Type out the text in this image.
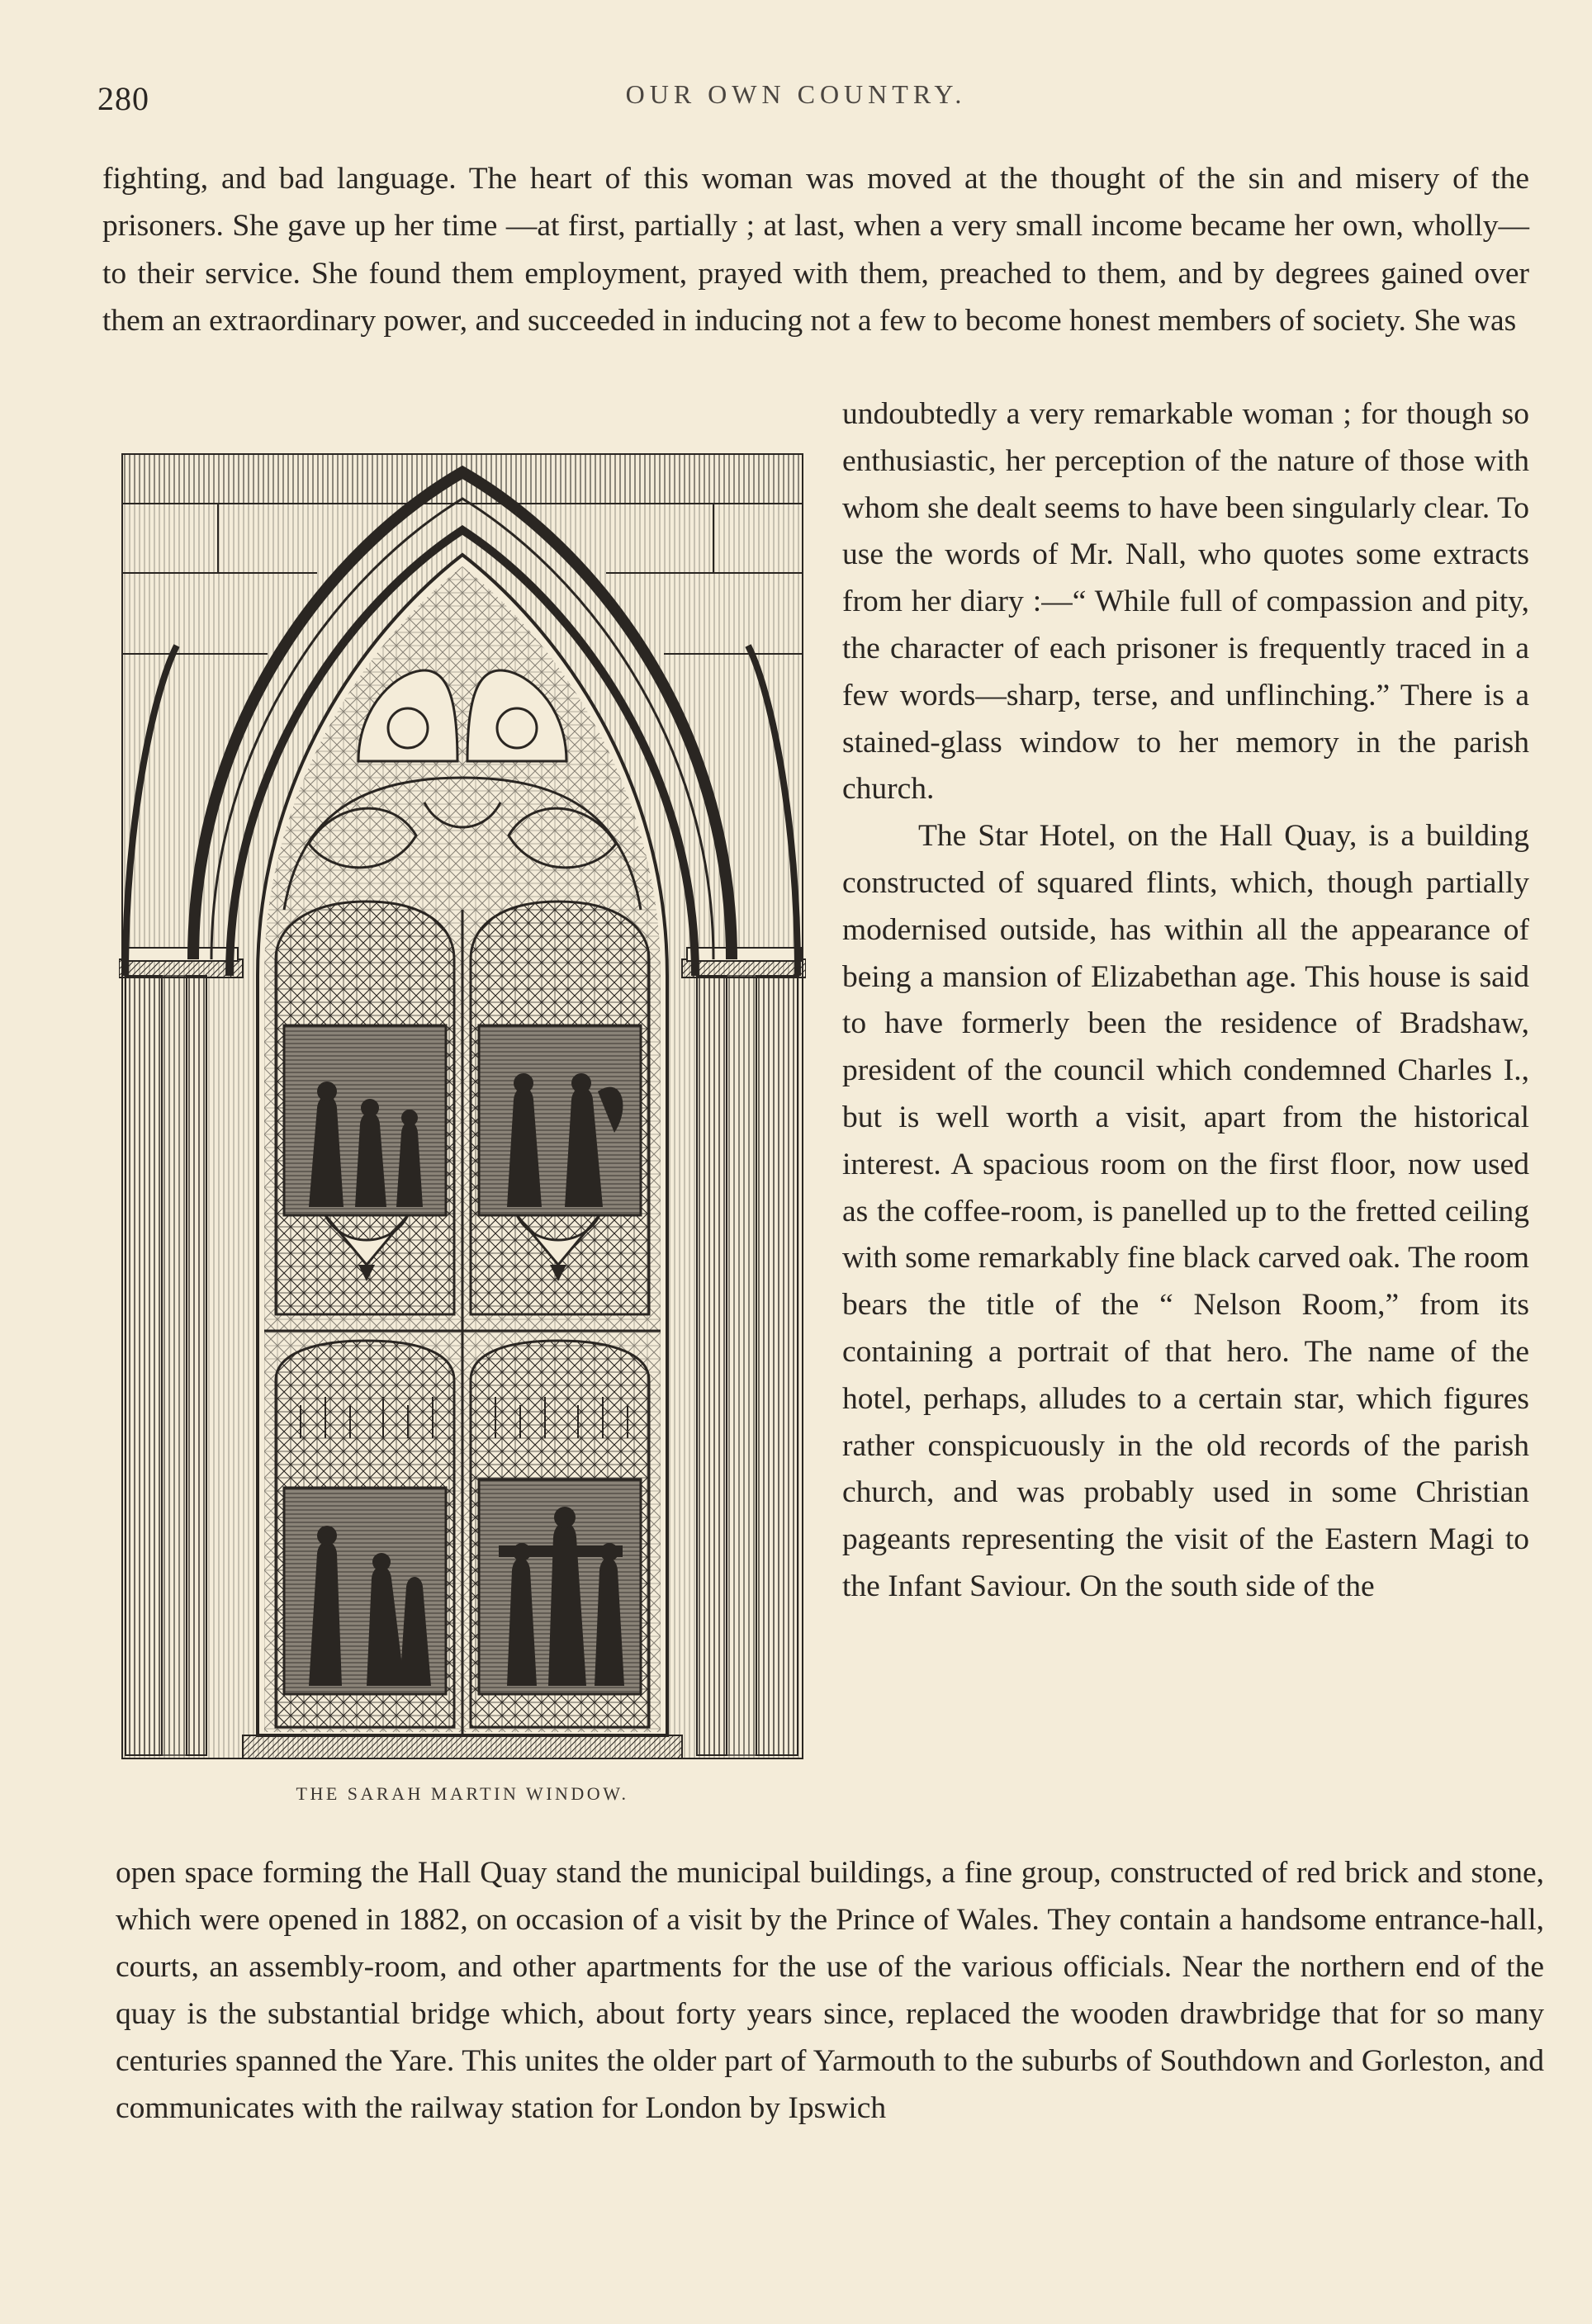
280	OUR OWN COUNTRY.

fighting, and bad language. The heart of this woman was moved at the thought of the sin and misery of the prisoners. She gave up her time —at first, partially ; at last, when a very small income became her own, wholly—to their service. She found them employment, prayed with them, preached to them, and by degrees gained over them an extraordinary power, and succeeded in inducing not a few to become honest members of society. She was

THE SARAH MARTIN WINDOW.

undoubtedly a very remarkable woman ; for though so enthusiastic, her perception of the nature of those with whom she dealt seems to have been singularly clear. To use the words of Mr. Nall, who quotes some extracts from her diary :—“ While full of compassion and pity, the character of each prisoner is frequently traced in a few words—sharp, terse, and unflinching.” There is a stained-glass window to her memory in the parish church.

The Star Hotel, on the Hall Quay, is a building constructed of squared flints, which, though partially modernised outside, has within all the appearance of being a mansion of Elizabethan age. This house is said to have formerly been the residence of Bradshaw, president of the council which condemned Charles I., but is well worth a visit, apart from the historical interest. A spacious room on the first floor, now used as the coffee-room, is panelled up to the fretted ceiling with some remarkably fine black carved oak. The room bears the title of the “ Nelson Room,” from its containing a portrait of that hero. The name of the hotel, perhaps, alludes to a certain star, which figures rather conspicuously in the old records of the parish church, and was probably used in some Christian pageants representing the visit of the Eastern Magi to the Infant Saviour. On the south side of the

open space forming the Hall Quay stand the municipal buildings, a fine group, constructed of red brick and stone, which were opened in 1882, on occasion of a visit by the Prince of Wales. They contain a handsome entrance-hall, courts, an assembly-room, and other apartments for the use of the various officials. Near the northern end of the quay is the substantial bridge which, about forty years since, replaced the wooden drawbridge that for so many centuries spanned the Yare. This unites the older part of Yarmouth to the suburbs of Southdown and Gorleston, and communicates with the railway station for London by Ipswich
